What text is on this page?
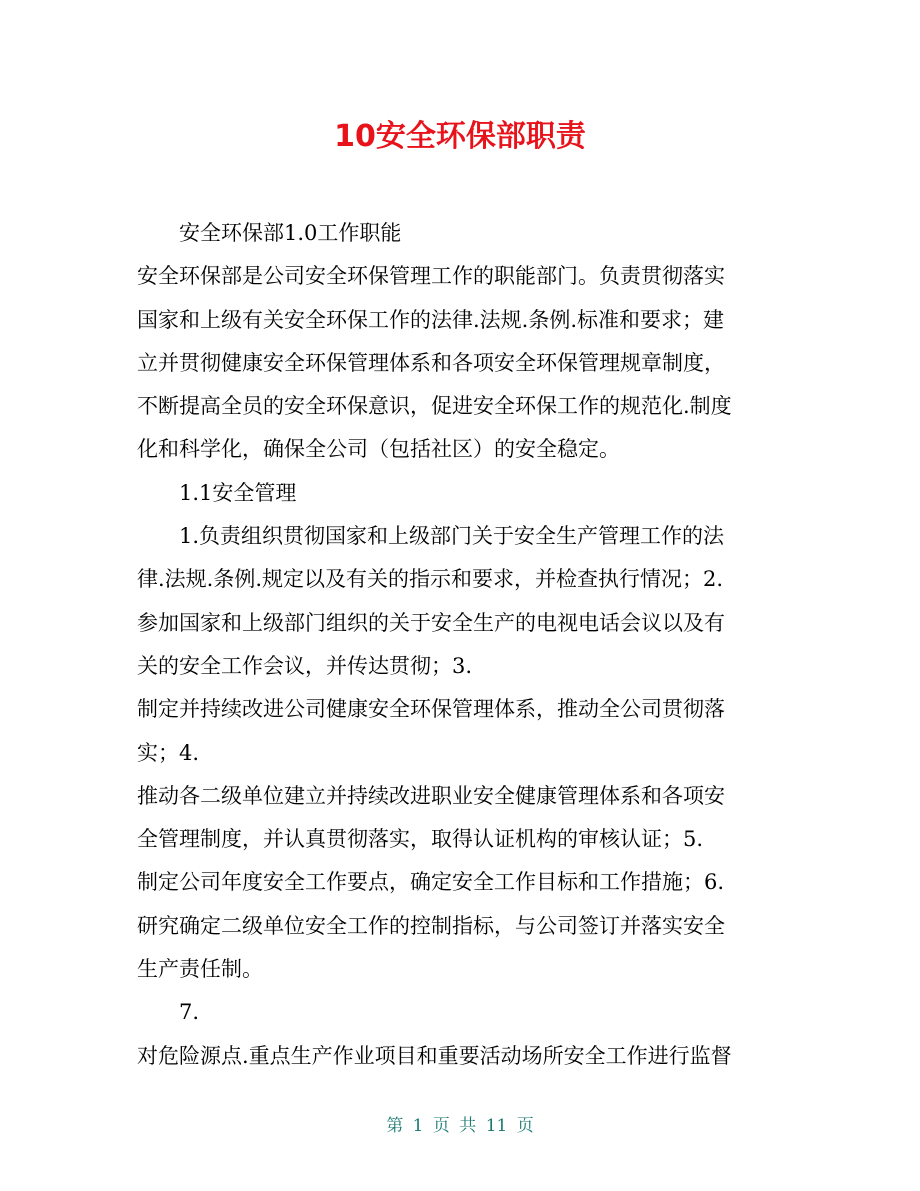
10安全环保部职责

安全环保部1.0工作职能

安全环保部是公司安全环保管理工作的职能部门。负责贯彻落实
国家和上级有关安全环保工作的法律.法规.条例.标准和要求；建
立并贯彻健康安全环保管理体系和各项安全环保管理规章制度，
不断提高全员的安全环保意识，促进安全环保工作的规范化.制度
化和科学化，确保全公司（包括社区）的安全稳定。

1.1安全管理

1.负责组织贯彻国家和上级部门关于安全生产管理工作的法
律.法规.条例.规定以及有关的指示和要求，并检查执行情况；2.
参加国家和上级部门组织的关于安全生产的电视电话会议以及有
关的安全工作会议，并传达贯彻；3.

制定并持续改进公司健康安全环保管理体系，推动全公司贯彻落
实；4.

推动各二级单位建立并持续改进职业安全健康管理体系和各项安
全管理制度，并认真贯彻落实，取得认证机构的审核认证；5.

制定公司年度安全工作要点，确定安全工作目标和工作措施；6.
研究确定二级单位安全工作的控制指标，与公司签订并落实安全
生产责任制。

7.

对危险源点.重点生产作业项目和重要活动场所安全工作进行监督

第 1 页 共 11 页
